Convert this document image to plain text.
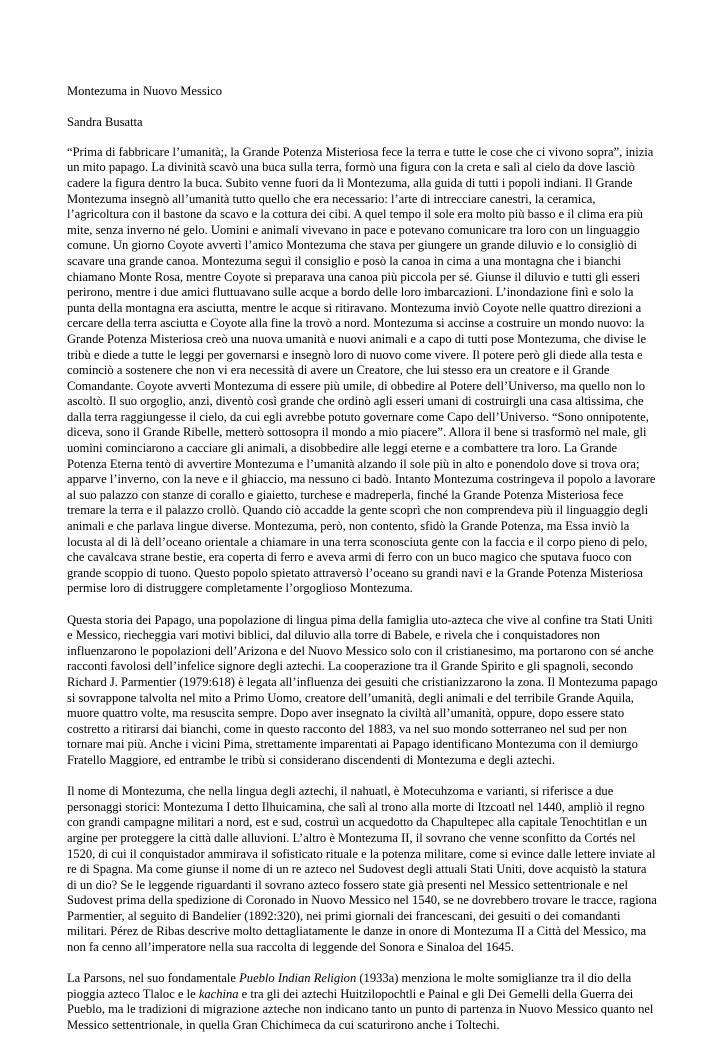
Montezuma in Nuovo Messico

Sandra Busatta

“Prima di fabbricare l’umanità;, la Grande Potenza Misteriosa fece la terra e tutte le cose che ci vivono sopra”, inizia un mito papago. La divinità scavò una buca sulla terra, formò una figura con la creta e salì al cielo da dove lasciò cadere la figura dentro la buca. Subito venne fuori da lì Montezuma, alla guida di tutti i popoli indiani. Il Grande Montezuma insegnò all’umanità tutto quello che era necessario: l’arte di intrecciare canestri, la ceramica, l’agricoltura con il bastone da scavo e la cottura dei cibi. A quel tempo il sole era molto più basso e il clima era più mite, senza inverno né gelo. Uomini e animali vivevano in pace e potevano comunicare tra loro con un linguaggio comune. Un giorno Coyote avvertì l’amico Montezuma che stava per giungere un grande diluvio e lo consigliò di scavare una grande canoa. Montezuma seguì il consiglio e posò la canoa in cima a una montagna che i bianchi chiamano Monte Rosa, mentre Coyote si preparava una canoa più piccola per sé. Giunse il diluvio e tutti gli esseri perirono, mentre i due amici fluttuavano sulle acque a bordo delle loro imbarcazioni. L’inondazione finì e solo la punta della montagna era asciutta, mentre le acque si ritiravano. Montezuma inviò Coyote nelle quattro direzioni a cercare della terra asciutta e Coyote alla fine la trovò a nord. Montezuma si accinse a costruire un mondo nuovo: la Grande Potenza Misteriosa creò una nuova umanità e nuovi animali e a capo di tutti pose Montezuma, che divise le tribù e diede a tutte le leggi per governarsi e insegnò loro di nuovo come vivere. Il potere però gli diede alla testa e cominciò a sostenere che non vi era necessità di avere un Creatore, che lui stesso era un creatore e il Grande Comandante. Coyote avvertì Montezuma di essere più umile, di obbedire al Potere dell’Universo, ma quello non lo ascoltò. Il suo orgoglio, anzi, diventò così grande che ordinò agli esseri umani di costruirgli una casa altissima, che dalla terra raggiungesse il cielo, da cui egli avrebbe potuto governare come Capo dell’Universo. “Sono onnipotente, diceva, sono il Grande Ribelle, metterò sottosopra il mondo a mio piacere”. Allora il bene si trasformò nel male, gli uomini cominciarono a cacciare gli animali, a disobbedire alle leggi eterne e a combattere tra loro. La Grande Potenza Eterna tentò di avvertire Montezuma e l’umanità alzando il sole più in alto e ponendolo dove si trova ora; apparve l’inverno, con la neve e il ghiaccio, ma nessuno ci badò. Intanto Montezuma costringeva il popolo a lavorare al suo palazzo con stanze di corallo e giaietto, turchese e madreperla, finché la Grande Potenza Misteriosa fece tremare la terra e il palazzo crollò. Quando ciò accadde la gente scoprì che non comprendeva più il linguaggio degli animali e che parlava lingue diverse. Montezuma, però, non contento, sfidò la Grande Potenza, ma Essa inviò la locusta al di là dell’oceano orientale a chiamare in una terra sconosciuta gente con la faccia e il corpo pieno di pelo, che cavalcava strane bestie, era coperta di ferro e aveva armi di ferro con un buco magico che sputava fuoco con grande scoppio di tuono. Questo popolo spietato attraversò l’oceano su grandi navi e la Grande Potenza Misteriosa permise loro di distruggere completamente l’orgoglioso Montezuma.

Questa storia dei Papago, una popolazione di lingua pima della famiglia uto-azteca che vive al confine tra Stati Uniti e Messico, riecheggia vari motivi biblici, dal diluvio alla torre di Babele, e rivela che i conquistadores non influenzarono le popolazioni dell’Arizona e del Nuovo Messico solo con il cristianesimo, ma portarono con sé anche racconti favolosi dell’infelice signore degli aztechi. La cooperazione tra il Grande Spirito e gli spagnoli, secondo Richard J. Parmentier (1979:618) è legata all’influenza dei gesuiti che cristianizzarono la zona. Il Montezuma papago si sovrappone talvolta nel mito a Primo Uomo, creatore dell’umanità, degli animali e del terribile Grande Aquila, muore quattro volte, ma resuscita sempre. Dopo aver insegnato la civiltà all’umanità, oppure, dopo essere stato costretto a ritirarsi dai bianchi, come in questo racconto del 1883, va nel suo mondo sotterraneo nel sud per non tornare mai più. Anche i vicini Pima, strettamente imparentati ai Papago identificano Montezuma con il demiurgo Fratello Maggiore, ed entrambe le tribù si considerano discendenti di Montezuma e degli aztechi.

Il nome di Montezuma, che nella lingua degli aztechi, il nahuatl, è Motecuhzoma e varianti, si riferisce a due personaggi storici: Montezuma I detto Ilhuicamina, che salì al trono alla morte di Itzcoatl nel 1440, ampliò il regno con grandi campagne militari a nord, est e sud, costruì un acquedotto da Chapultepec alla capitale Tenochtitlan e un argine per proteggere la città dalle alluvioni. L’altro è Montezuma II, il sovrano che venne sconfitto da Cortés nel 1520, di cui il conquistador ammirava il sofisticato rituale e la potenza militare, come si evince dalle lettere inviate al re di Spagna. Ma come giunse il nome di un re azteco nel Sudovest degli attuali Stati Uniti, dove acquistò la statura di un dio? Se le leggende riguardanti il sovrano azteco fossero state già presenti nel Messico settentrionale e nel Sudovest prima della spedizione di Coronado in Nuovo Messico nel 1540, se ne dovrebbero trovare le tracce, ragiona Parmentier, al seguito di Bandelier (1892:320), nei primi giornali dei francescani, dei gesuiti o dei comandanti militari. Pérez de Ribas descrive molto dettagliatamente le danze in onore di Montezuma II a Città del Messico, ma non fa cenno all’imperatore nella sua raccolta di leggende del Sonora e Sinaloa del 1645.

La Parsons, nel suo fondamentale Pueblo Indian Religion (1933a) menziona le molte somiglianze tra il dio della pioggia azteco Tlaloc e le kachina e tra gli dei aztechi Huitzilopochtli e Painal e gli Dei Gemelli della Guerra dei Pueblo, ma le tradizioni di migrazione azteche non indicano tanto un punto di partenza in Nuovo Messico quanto nel Messico settentrionale, in quella Gran Chichimeca da cui scaturirono anche i Toltechi.
